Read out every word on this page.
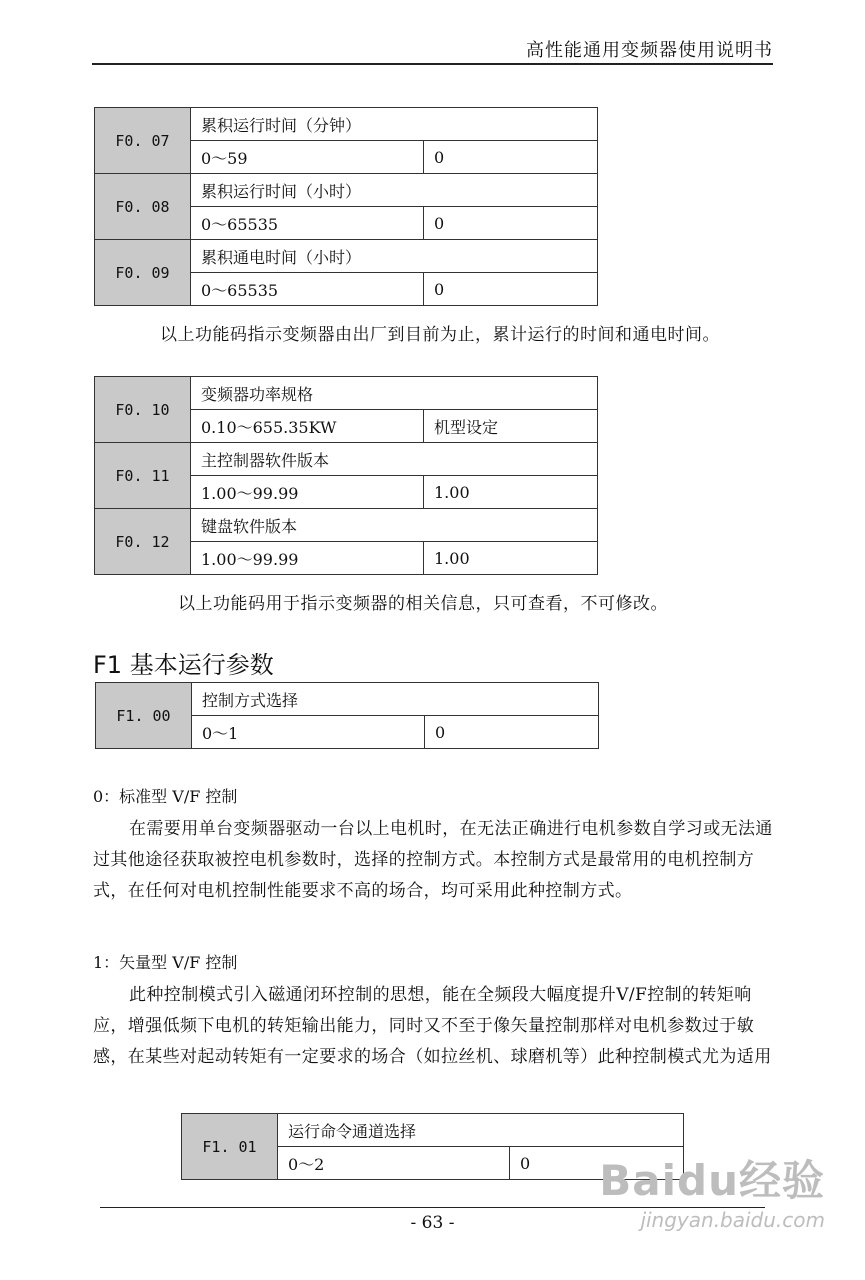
高性能通用变频器使用说明书
F0. 07	累积运行时间（分钟）	
	0～59	0
F0. 08	累积运行时间（小时）	
	0～65535	0
F0. 09	累积通电时间（小时）	
	0～65535	0
以上功能码指示变频器由出厂到目前为止，累计运行的时间和通电时间。
F0. 10	变频器功率规格	
	0.10～655.35KW	机型设定
F0. 11	主控制器软件版本	
	1.00～99.99	1.00
F0. 12	键盘软件版本	
	1.00～99.99	1.00
以上功能码用于指示变频器的相关信息，只可查看，不可修改。
F1 基本运行参数
F1. 00	控制方式选择	
	0～1	0
0：标准型 V/F 控制

在需要用单台变频器驱动一台以上电机时，在无法正确进行电机参数自学习或无法通过其他途径获取被控电机参数时，选择的控制方式。本控制方式是最常用的电机控制方式，在任何对电机控制性能要求不高的场合，均可采用此种控制方式。

1：矢量型 V/F 控制

此种控制模式引入磁通闭环控制的思想，能在全频段大幅度提升V/F控制的转矩响应，增强低频下电机的转矩输出能力，同时又不至于像矢量控制那样对电机参数过于敏感，在某些对起动转矩有一定要求的场合（如拉丝机、球磨机等）此种控制模式尤为适用

F1. 01	运行命令通道选择	
	0～2	0
- 63 -
Baidu经验
jingyan.baidu.com
